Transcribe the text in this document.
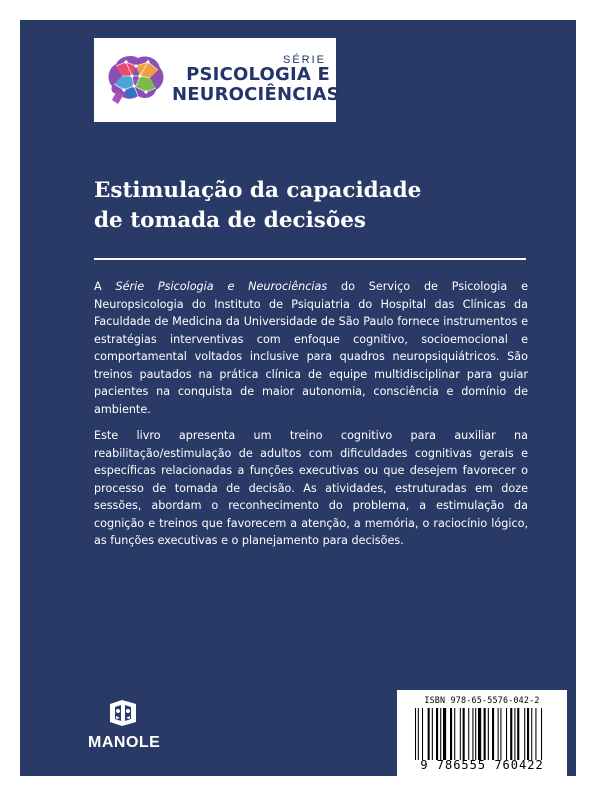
SÉRIE
PSICOLOGIA E
NEUROCIÊNCIAS
Estimulação da capacidade
de tomada de decisões

A Série Psicologia e Neurociências do Serviço de Psicologia e Neuropsicologia do Instituto de Psiquiatria do Hospital das Clínicas da Faculdade de Medicina da Universidade de São Paulo fornece instrumentos e estratégias interventivas com enfoque cognitivo, socioemocional e comportamental voltados inclusive para quadros neuropsiquiátricos. São treinos pautados na prática clínica de equipe multidisciplinar para guiar pacientes na conquista de maior autonomia, consciência e domínio de ambiente.

Este livro apresenta um treino cognitivo para auxiliar na reabilitação/estimulação de adultos com dificuldades cognitivas gerais e específicas relacionadas a funções executivas ou que desejem favorecer o processo de tomada de decisão. As atividades, estruturadas em doze sessões, abordam o reconhecimento do problema, a estimulação da cognição e treinos que favorecem a atenção, a memória, o raciocínio lógico, as funções executivas e o planejamento para decisões.

MANOLE
ISBN 978-65-5576-042-2
9 786555 760422
